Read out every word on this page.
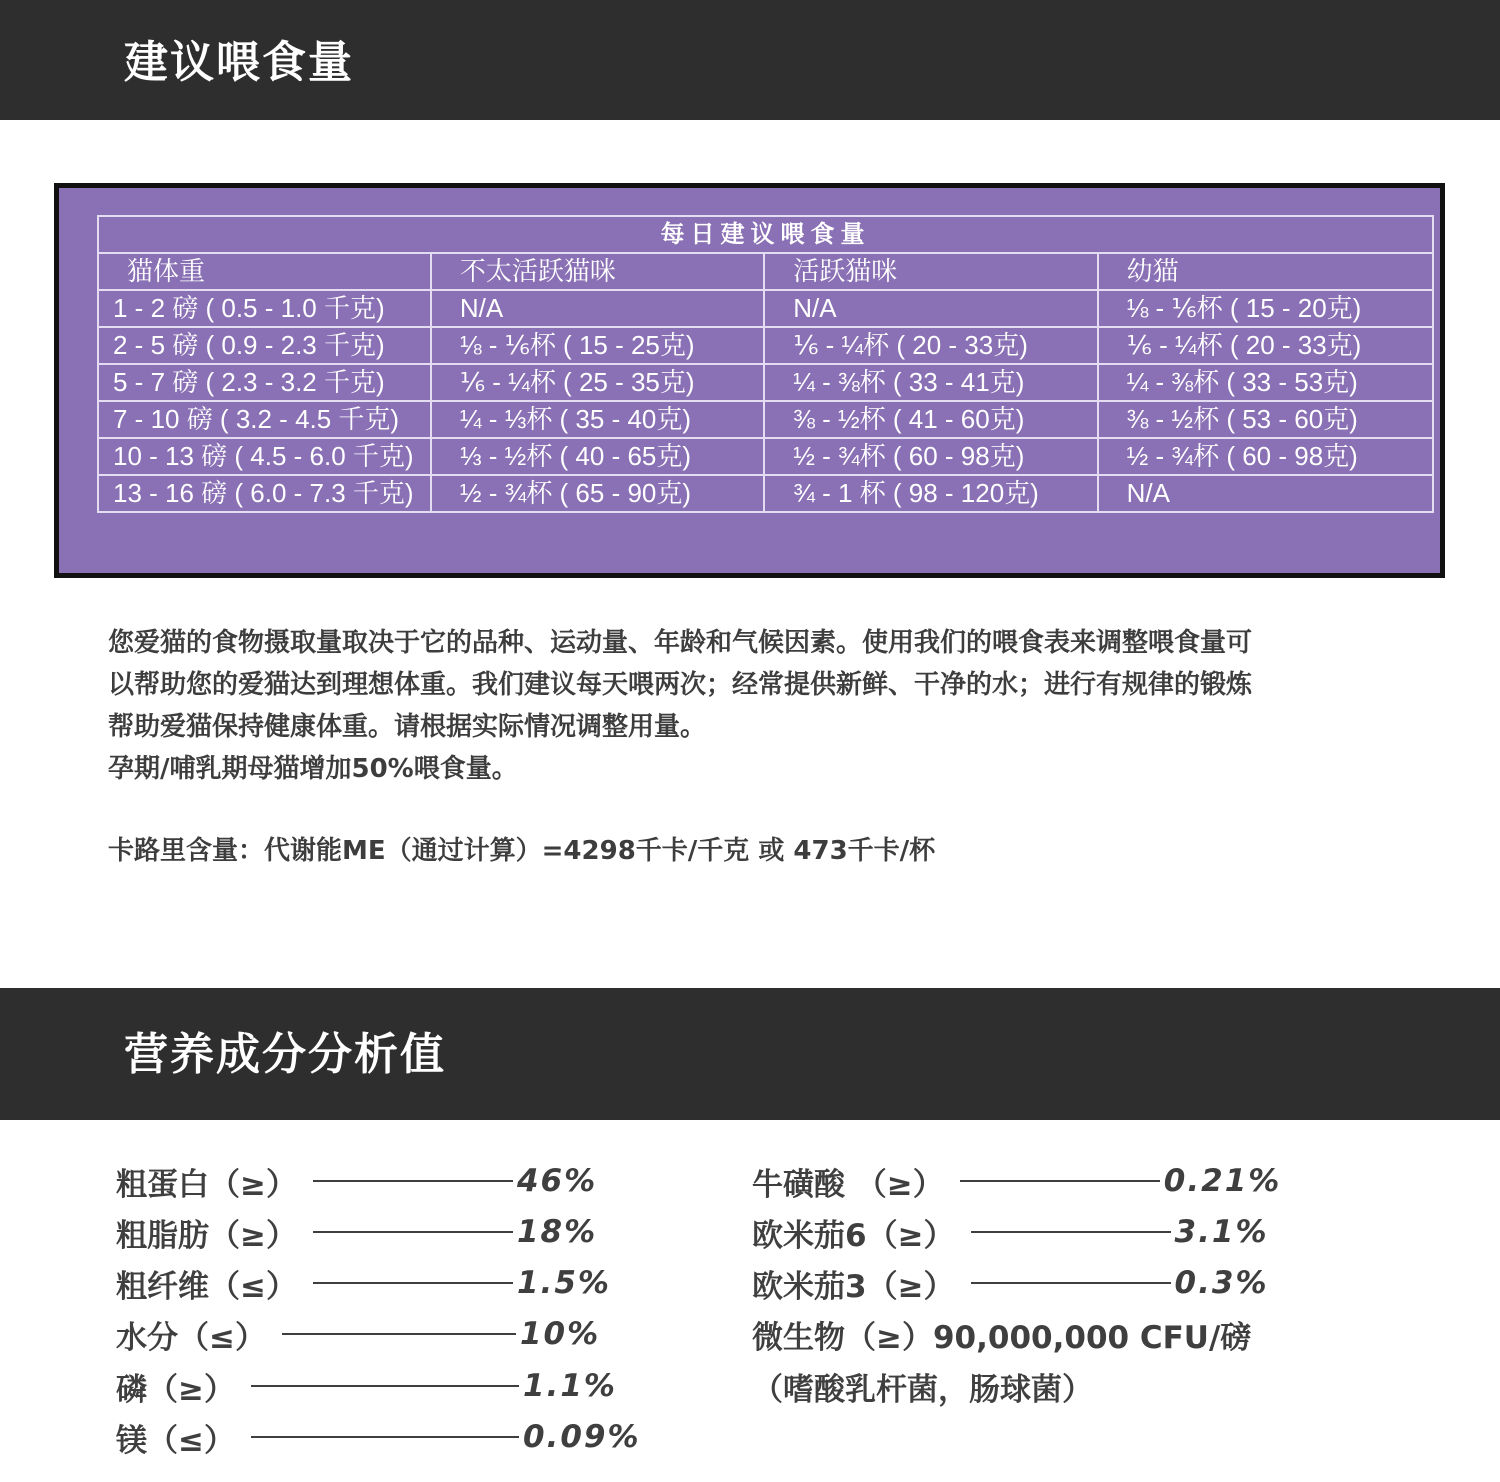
建议喂食量
每日建议喂食量			
猫体重	不太活跃猫咪	活跃猫咪	幼猫
1 - 2 磅 ( 0.5 - 1.0 千克)	N/A	N/A	⅛ - ⅙杯 ( 15 - 20克)
2 - 5 磅 ( 0.9 - 2.3 千克)	⅛ - ⅙杯 ( 15 - 25克)	⅙ - ¼杯 ( 20 - 33克)	⅙ - ¼杯 ( 20 - 33克)
5 - 7 磅 ( 2.3 - 3.2 千克)	⅙ - ¼杯 ( 25 - 35克)	¼ - ⅜杯 ( 33 - 41克)	¼ - ⅜杯 ( 33 - 53克)
7 - 10 磅 ( 3.2 - 4.5 千克)	¼ - ⅓杯 ( 35 - 40克)	⅜ - ½杯 ( 41 - 60克)	⅜ - ½杯 ( 53 - 60克)
10 - 13 磅 ( 4.5 - 6.0 千克)	⅓ - ½杯 ( 40 - 65克)	½ - ¾杯 ( 60 - 98克)	½ - ¾杯 ( 60 - 98克)
13 - 16 磅 ( 6.0 - 7.3 千克)	½ - ¾杯 ( 65 - 90克)	¾ - 1 杯 ( 98 - 120克)	N/A

您爱猫的食物摄取量取决于它的品种、运动量、年龄和气候因素。使用我们的喂食表来调整喂食量可

以帮助您的爱猫达到理想体重。我们建议每天喂两次；经常提供新鲜、干净的水；进行有规律的锻炼

帮助爱猫保持健康体重。请根据实际情况调整用量。

孕期/哺乳期母猫增加50%喂食量。

卡路里含量：代谢能ME（通过计算）=4298千卡/千克 或 473千卡/杯
营养成分分析值
粗蛋白（≥）	46%
粗脂肪（≥）	18%
粗纤维（≤）	1.5%
水分（≤）	10%
磷（≥）	1.1%
镁（≤）	0.09%
牛磺酸 （≥）	0.21%
欧米茄6（≥）	3.1%
欧米茄3（≥）	0.3%
微生物（≥）90,000,000 CFU/磅
（嗜酸乳杆菌，肠球菌）
